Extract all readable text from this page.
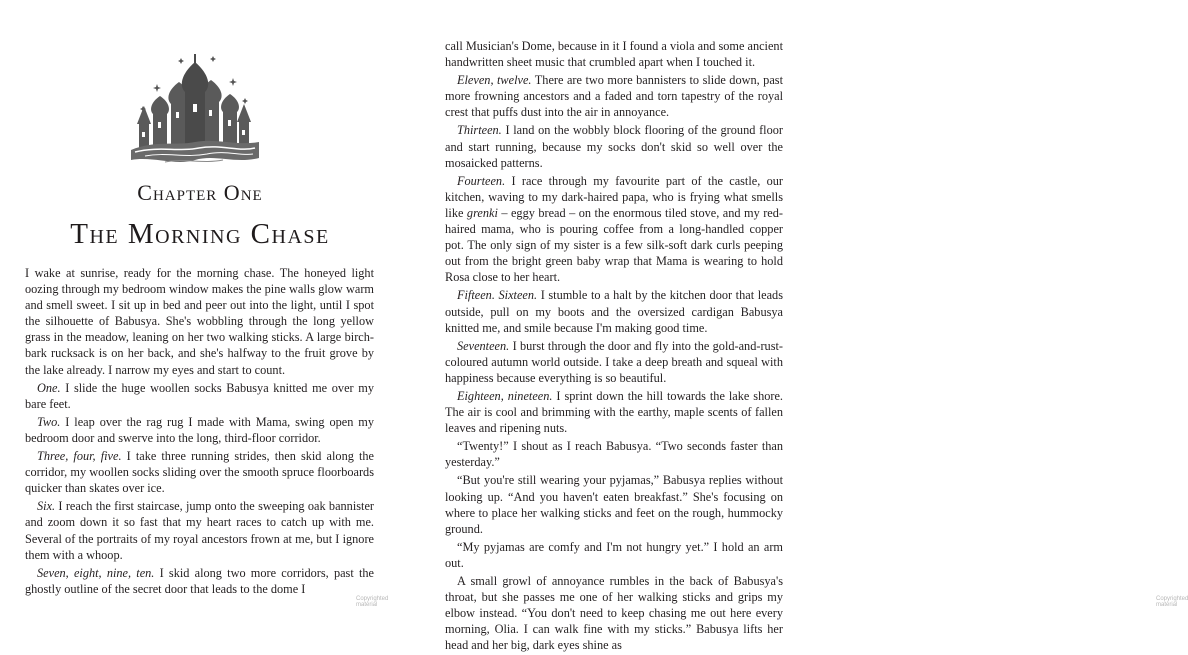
Chapter One
The Morning Chase

I wake at sunrise, ready for the morning chase. The honeyed light oozing through my bedroom window makes the pine walls glow warm and smell sweet. I sit up in bed and peer out into the light, until I spot the silhouette of Babusya. She's wobbling through the long yellow grass in the meadow, leaning on her two walking sticks. A large birch-bark rucksack is on her back, and she's halfway to the fruit grove by the lake already. I narrow my eyes and start to count.

One. I slide the huge woollen socks Babusya knitted me over my bare feet.

Two. I leap over the rag rug I made with Mama, swing open my bedroom door and swerve into the long, third-floor corridor.

Three, four, five. I take three running strides, then skid along the corridor, my woollen socks sliding over the smooth spruce floorboards quicker than skates over ice.

Six. I reach the first staircase, jump onto the sweeping oak bannister and zoom down it so fast that my heart races to catch up with me. Several of the portraits of my royal ancestors frown at me, but I ignore them with a whoop.

Seven, eight, nine, ten. I skid along two more corridors, past the ghostly outline of the secret door that leads to the dome I

Copyrighted material

call Musician's Dome, because in it I found a viola and some ancient handwritten sheet music that crumbled apart when I touched it.

Eleven, twelve. There are two more bannisters to slide down, past more frowning ancestors and a faded and torn tapestry of the royal crest that puffs dust into the air in annoyance.

Thirteen. I land on the wobbly block flooring of the ground floor and start running, because my socks don't skid so well over the mosaicked patterns.

Fourteen. I race through my favourite part of the castle, our kitchen, waving to my dark-haired papa, who is frying what smells like grenki – eggy bread – on the enormous tiled stove, and my red-haired mama, who is pouring coffee from a long-handled copper pot. The only sign of my sister is a few silk-soft dark curls peeping out from the bright green baby wrap that Mama is wearing to hold Rosa close to her heart.

Fifteen. Sixteen. I stumble to a halt by the kitchen door that leads outside, pull on my boots and the oversized cardigan Babusya knitted me, and smile because I'm making good time.

Seventeen. I burst through the door and fly into the gold-and-rust-coloured autumn world outside. I take a deep breath and squeal with happiness because everything is so beautiful.

Eighteen, nineteen. I sprint down the hill towards the lake shore. The air is cool and brimming with the earthy, maple scents of fallen leaves and ripening nuts.

“Twenty!” I shout as I reach Babusya. “Two seconds faster than yesterday.”

“But you're still wearing your pyjamas,” Babusya replies without looking up. “And you haven't eaten breakfast.” She's focusing on where to place her walking sticks and feet on the rough, hummocky ground.

“My pyjamas are comfy and I'm not hungry yet.” I hold an arm out.

A small growl of annoyance rumbles in the back of Babusya's throat, but she passes me one of her walking sticks and grips my elbow instead. “You don't need to keep chasing me out here every morning, Olia. I can walk fine with my sticks.” Babusya lifts her head and her big, dark eyes shine as

Copyrighted material
